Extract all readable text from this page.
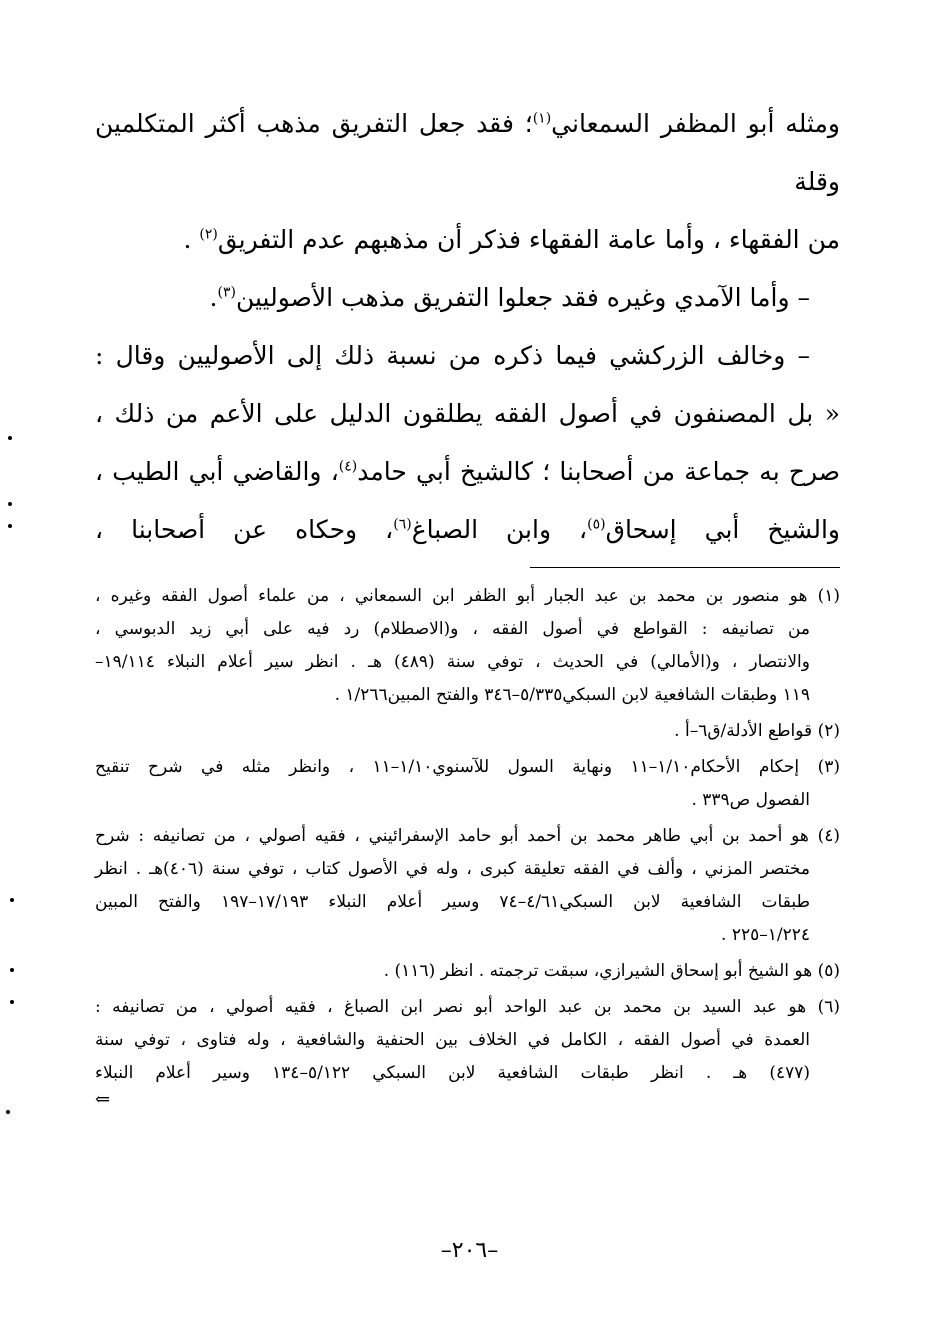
ومثله أبو المظفر السمعاني$^{(١)}$؛ فقد جعل التفريق مذهب أكثر المتكلمين وقلة

من الفقهاء ، وأما عامة الفقهاء فذكر أن مذهبهم عدم التفريق$^{(٢)}$ .

– وأما الآمدي وغيره فقد جعلوا التفريق مذهب الأصوليين$^{(٣)}$.

– وخالف الزركشي فيما ذكره من نسبة ذلك إلى الأصوليين وقال :

« بل المصنفون في أصول الفقه يطلقون الدليل على الأعم من ذلك ،

صرح به جماعة من أصحابنا ؛ كالشيخ أبي حامد$^{(٤)}$، والقاضي أبي الطيب ،

والشيخ أبي إسحاق$^{(٥)}$، وابن الصباغ$^{(٦)}$، وحكاه عن أصحابنا ،

(١) هو منصور بن محمد بن عبد الجبار أبو الظفر ابن السمعاني ، من علماء أصول الفقه وغيره ،
من تصانيفه : القواطع في أصول الفقه ، و(الاصطلام) رد فيه على أبي زيد الدبوسي ،
والانتصار ، و(الأمالي) في الحديث ، توفي سنة (٤٨٩) هـ . انظر سير أعلام النبلاء ١٩/١١٤–
١١٩ وطبقات الشافعية لابن السبكي٥/٣٣٥–٣٤٦ والفتح المبين١/٢٦٦ .
(٢) قواطع الأدلة/ق٦–أ .
(٣) إحكام الأحكام١/١٠–١١ ونهاية السول للآسنوي١/١٠–١١ ، وانظر مثله في شرح تنقيح
الفصول ص٣٣٩ .
(٤) هو أحمد بن أبي طاهر محمد بن أحمد أبو حامد الإسفرائيني ، فقيه أصولي ، من تصانيفه : شرح
مختصر المزني ، وألف في الفقه تعليقة كبرى ، وله في الأصول كتاب ، توفي سنة (٤٠٦)هـ . انظر
طبقات الشافعية لابن السبكي٤/٦١–٧٤ وسير أعلام النبلاء ١٧/١٩٣–١٩٧ والفتح المبين
١/٢٢٤–٢٢٥ .
(٥) هو الشيخ أبو إسحاق الشيرازي، سبقت ترجمته . انظر (١١٦) .
(٦) هو عبد السيد بن محمد بن عبد الواحد أبو نصر ابن الصباغ ، فقيه أصولي ، من تصانيفه :
العمدة في أصول الفقه ، الكامل في الخلاف بين الحنفية والشافعية ، وله فتاوى ، توفي سنة
(٤٧٧) هـ . انظر طبقات الشافعية لابن السبكي ٥/١٢٢–١٣٤ وسير أعلام النبلاء
⇐
–٢٠٦–
